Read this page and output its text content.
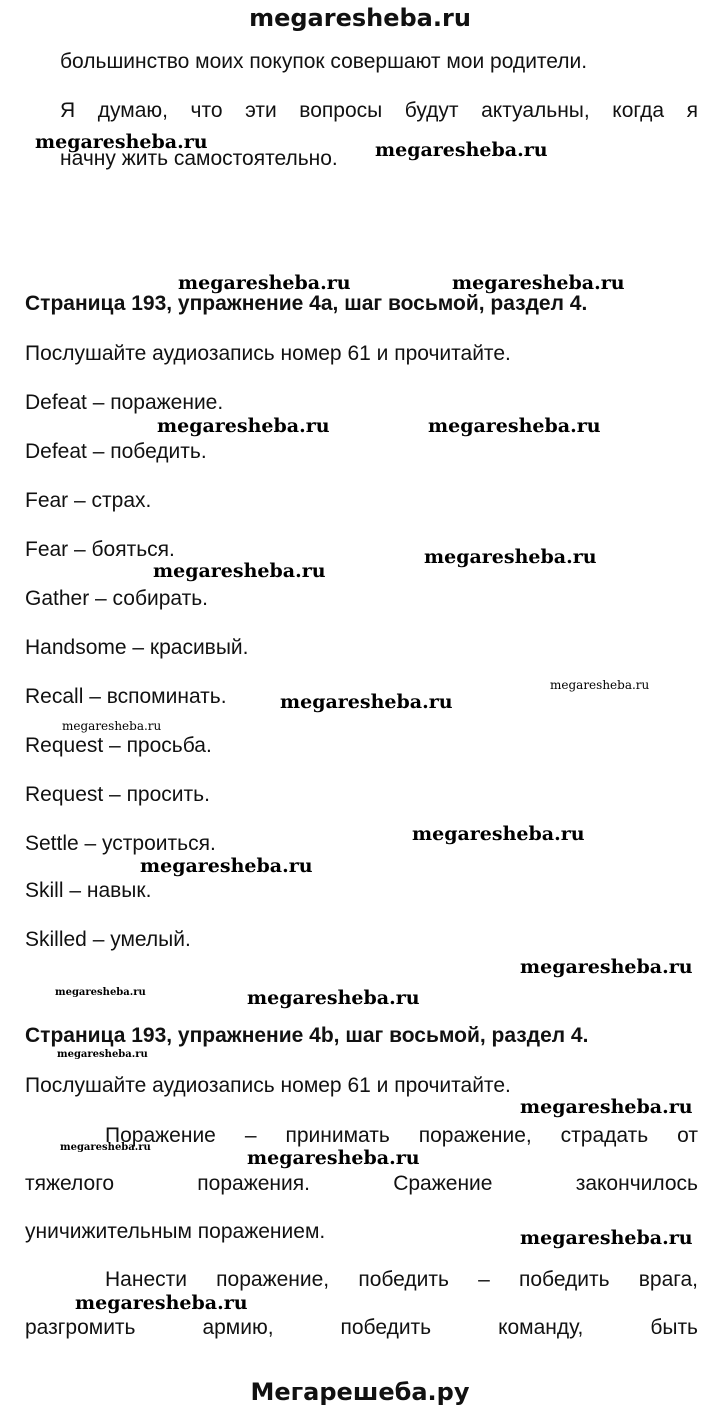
megaresheba.ru
большинство моих покупок совершают мои родители.
Я думаю, что эти вопросы будут актуальны, когда я
начну жить самостоятельно.
Страница 193, упражнение 4a, шаг восьмой, раздел 4.
Послушайте аудиозапись номер 61 и прочитайте.
Defeat – поражение.
Defeat – победить.
Fear – страх.
Fear – бояться.
Gather – собирать.
Handsome – красивый.
Recall – вспоминать.
Request – просьба.
Request – просить.
Settle – устроиться.
Skill – навык.
Skilled – умелый.
Страница 193, упражнение 4b, шаг восьмой, раздел 4.
Послушайте аудиозапись номер 61 и прочитайте.
Поражение – принимать поражение, страдать от
тяжелого поражения. Сражение закончилось
уничижительным поражением.
Нанести поражение, победить – победить врага,
разгромить армию, победить команду, быть
Мегарешеба.ру
megaresheba.ru	megaresheba.ru
megaresheba.ru	megaresheba.ru
megaresheba.ru	megaresheba.ru
megaresheba.ru
megaresheba.ru
megaresheba.ru
megaresheba.ru
megaresheba.ru
megaresheba.ru
megaresheba.ru
megaresheba.ru
megaresheba.ru	megaresheba.ru
megaresheba.ru
megaresheba.ru
megaresheba.ru	megaresheba.ru
megaresheba.ru
megaresheba.ru
